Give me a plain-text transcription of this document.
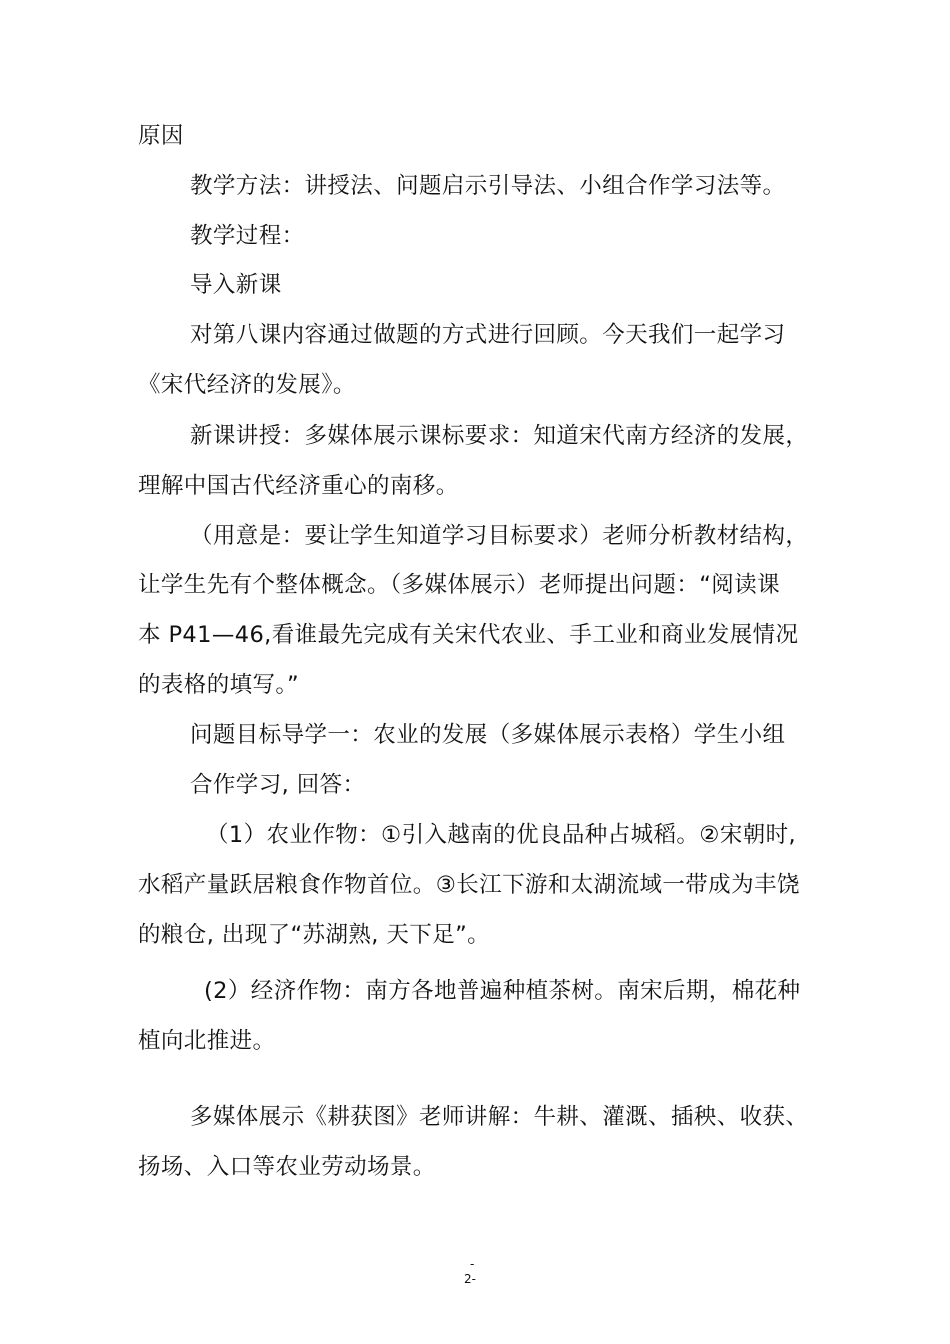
原因
教学方法：讲授法、问题启示引导法、小组合作学习法等。
教学过程：
导入新课
对第八课内容通过做题的方式进行回顾。今天我们一起学习
《宋代经济的发展》。
新课讲授：多媒体展示课标要求：知道宋代南方经济的发展，
理解中国古代经济重心的南移。
（用意是：要让学生知道学习目标要求）老师分析教材结构，
让学生先有个整体概念。（多媒体展示）老师提出问题：“阅读课
本 P41—46,看谁最先完成有关宋代农业、手工业和商业发展情况
的表格的填写。”
问题目标导学一：农业的发展（多媒体展示表格）学生小组
合作学习, 回答：
（1）农业作物：①引入越南的优良品种占城稻。②宋朝时,
水稻产量跃居粮食作物首位。③长江下游和太湖流域一带成为丰饶
的粮仓, 出现了“苏湖熟, 天下足”。
(2）经济作物：南方各地普遍种植茶树。南宋后期，棉花种
植向北推进。
多媒体展示《耕获图》老师讲解：牛耕、灌溉、插秧、收获、
扬场、入口等农业劳动场景。
-
2-
